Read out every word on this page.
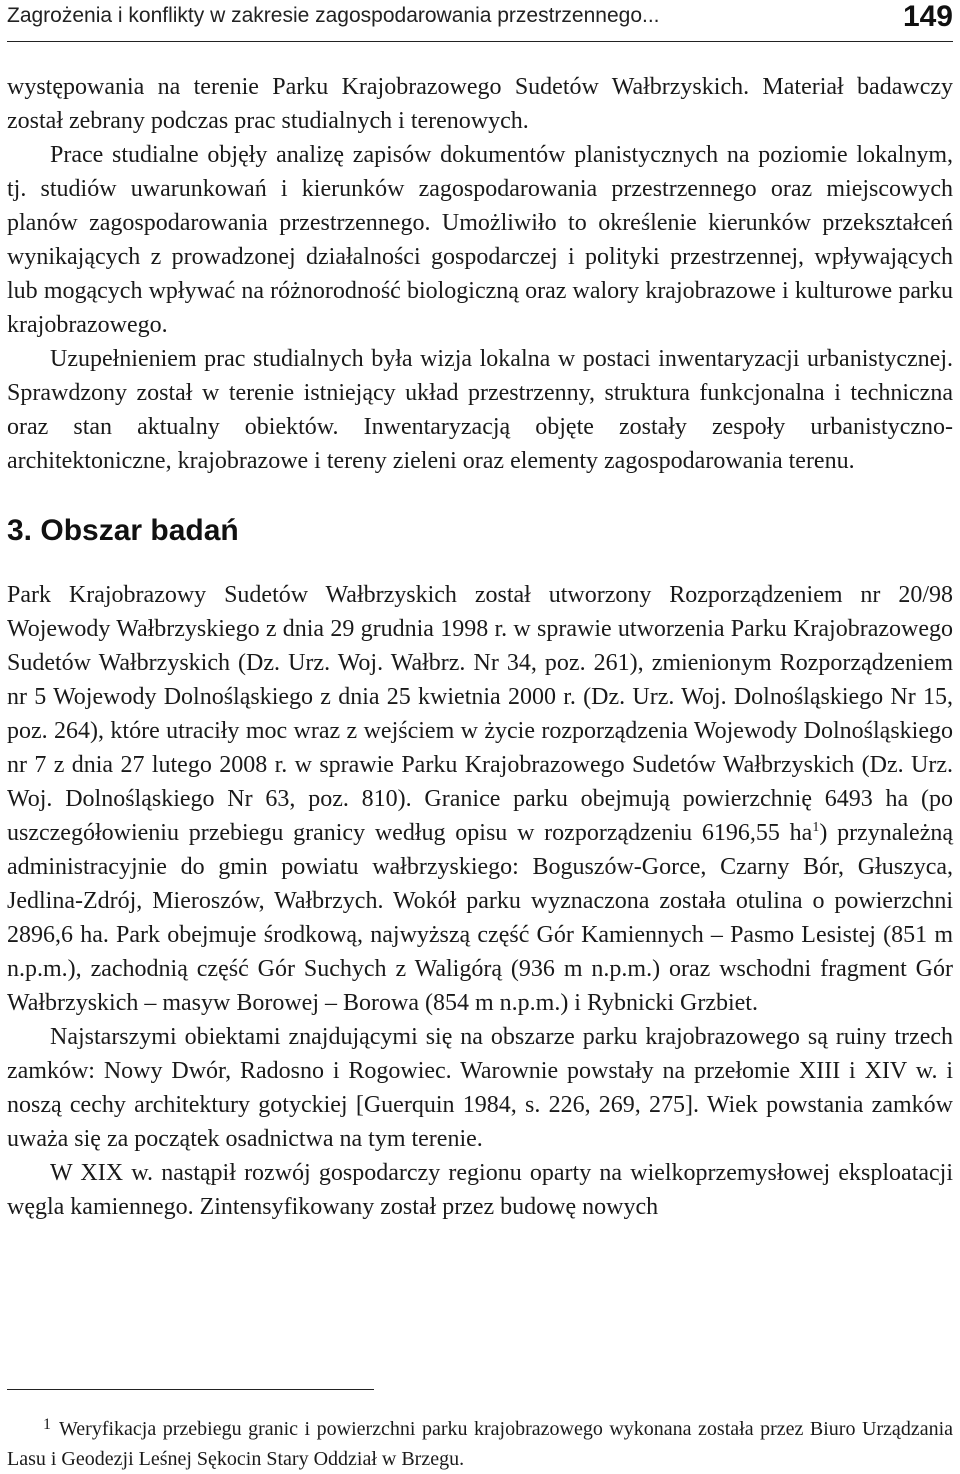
Zagrożenia i konflikty w zakresie zagospodarowania przestrzennego...	149

występowania na terenie Parku Krajobrazowego Sudetów Wałbrzyskich. Materiał badawczy został zebrany podczas prac studialnych i terenowych.

Prace studialne objęły analizę zapisów dokumentów planistycznych na poziomie lokalnym, tj. studiów uwarunkowań i kierunków zagospodarowania przestrzennego oraz miejscowych planów zagospodarowania przestrzennego. Umożliwiło to określenie kierunków przekształceń wynikających z prowadzonej działalności gospodarczej i polityki przestrzennej, wpływających lub mogących wpływać na różnorodność biologiczną oraz walory krajobrazowe i kulturowe parku krajobrazowego.

Uzupełnieniem prac studialnych była wizja lokalna w postaci inwentaryzacji urbanistycznej. Sprawdzony został w terenie istniejący układ przestrzenny, struktura funkcjonalna i techniczna oraz stan aktualny obiektów. Inwentaryzacją objęte zostały zespoły urbanistyczno-architektoniczne, krajobrazowe i tereny zieleni oraz elementy zagospodarowania terenu.

3. Obszar badań

Park Krajobrazowy Sudetów Wałbrzyskich został utworzony Rozporządzeniem nr 20/98 Wojewody Wałbrzyskiego z dnia 29 grudnia 1998 r. w sprawie utworzenia Parku Krajobrazowego Sudetów Wałbrzyskich (Dz. Urz. Woj. Wałbrz. Nr 34, poz. 261), zmienionym Rozporządzeniem nr 5 Wojewody Dolnośląskiego z dnia 25 kwietnia 2000 r. (Dz. Urz. Woj. Dolnośląskiego Nr 15, poz. 264), które utraciły moc wraz z wejściem w życie rozporządzenia Wojewody Dolnośląskiego nr 7 z dnia 27 lutego 2008 r. w sprawie Parku Krajobrazowego Sudetów Wałbrzyskich (Dz. Urz. Woj. Dolnośląskiego Nr 63, poz. 810). Granice parku obejmują powierzchnię 6493 ha (po uszczegółowieniu przebiegu granicy według opisu w rozporządzeniu 6196,55 $ha^1$) przynależną administracyjnie do gmin powiatu wałbrzyskiego: Boguszów-Gorce, Czarny Bór, Głuszyca, Jedlina-Zdrój, Mieroszów, Wałbrzych. Wokół parku wyznaczona została otulina o powierzchni 2896,6 ha. Park obejmuje środkową, najwyższą część Gór Kamiennych – Pasmo Lesistej (851 m n.p.m.), zachodnią część Gór Suchych z Waligórą (936 m n.p.m.) oraz wschodni fragment Gór Wałbrzyskich – masyw Borowej – Borowa (854 m n.p.m.) i Rybnicki Grzbiet.

Najstarszymi obiektami znajdującymi się na obszarze parku krajobrazowego są ruiny trzech zamków: Nowy Dwór, Radosno i Rogowiec. Warownie powstały na przełomie XIII i XIV w. i noszą cechy architektury gotyckiej [Guerquin 1984, s. 226, 269, 275]. Wiek powstania zamków uważa się za początek osadnictwa na tym terenie.

W XIX w. nastąpił rozwój gospodarczy regionu oparty na wielkoprzemysłowej eksploatacji węgla kamiennego. Zintensyfikowany został przez budowę nowych

1 Weryfikacja przebiegu granic i powierzchni parku krajobrazowego wykonana została przez Biuro Urządzania Lasu i Geodezji Leśnej Sękocin Stary Oddział w Brzegu.
